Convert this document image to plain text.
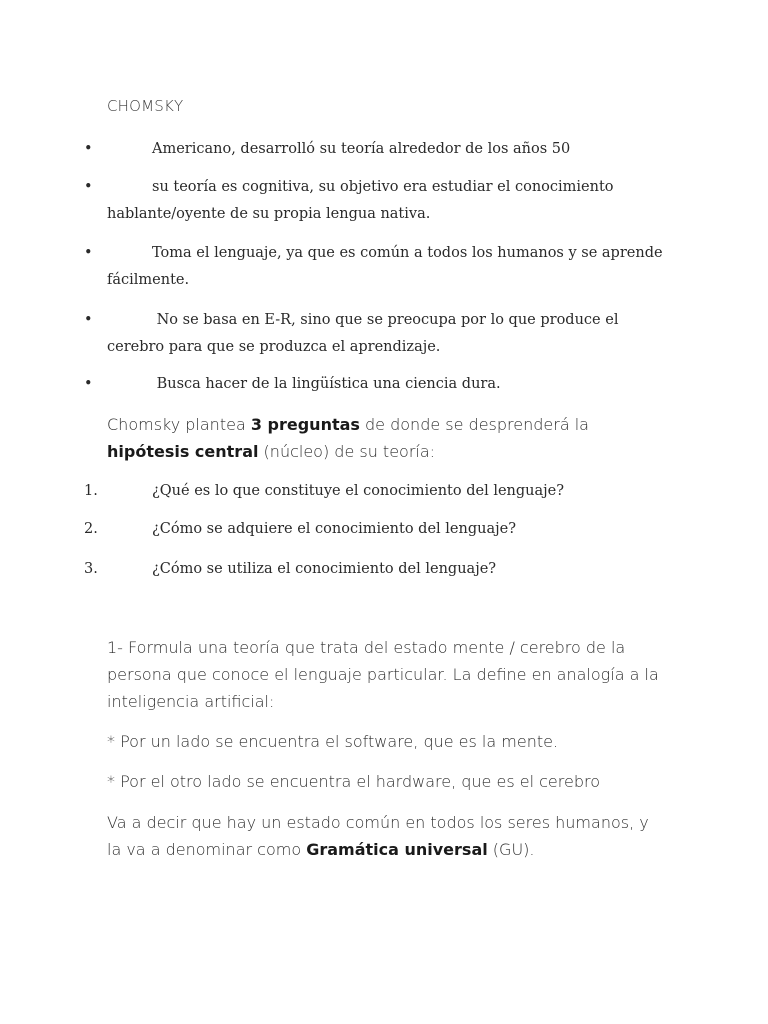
CHOMSKY
•	Americano, desarrolló su teoría alrededor de los años 50
•	su teoría es cognitiva, su objetivo era estudiar el conocimiento hablante/oyente de su propia lengua nativa.
•	Toma el lenguaje, ya que es común a todos los humanos y se aprende fácilmente.
•	No se basa en E-R, sino que se preocupa por lo que produce el cerebro para que se produzca el aprendizaje.
•	Busca hacer de la lingüística una ciencia dura.
Chomsky plantea 3 preguntas de donde se desprenderá la hipótesis central (núcleo) de su teoría:
1.	¿Qué es lo que constituye el conocimiento del lenguaje?
2.	¿Cómo se adquiere el conocimiento del lenguaje?
3.	¿Cómo se utiliza el conocimiento del lenguaje?
1- Formula una teoría que trata del estado mente / cerebro de la persona que conoce el lenguaje particular. La define en analogía a la inteligencia artificial:
* Por un lado se encuentra el software, que es la mente.
* Por el otro lado se encuentra el hardware, que es el cerebro
Va a decir que hay un estado común en todos los seres humanos, y la va a denominar como Gramática universal (GU).
